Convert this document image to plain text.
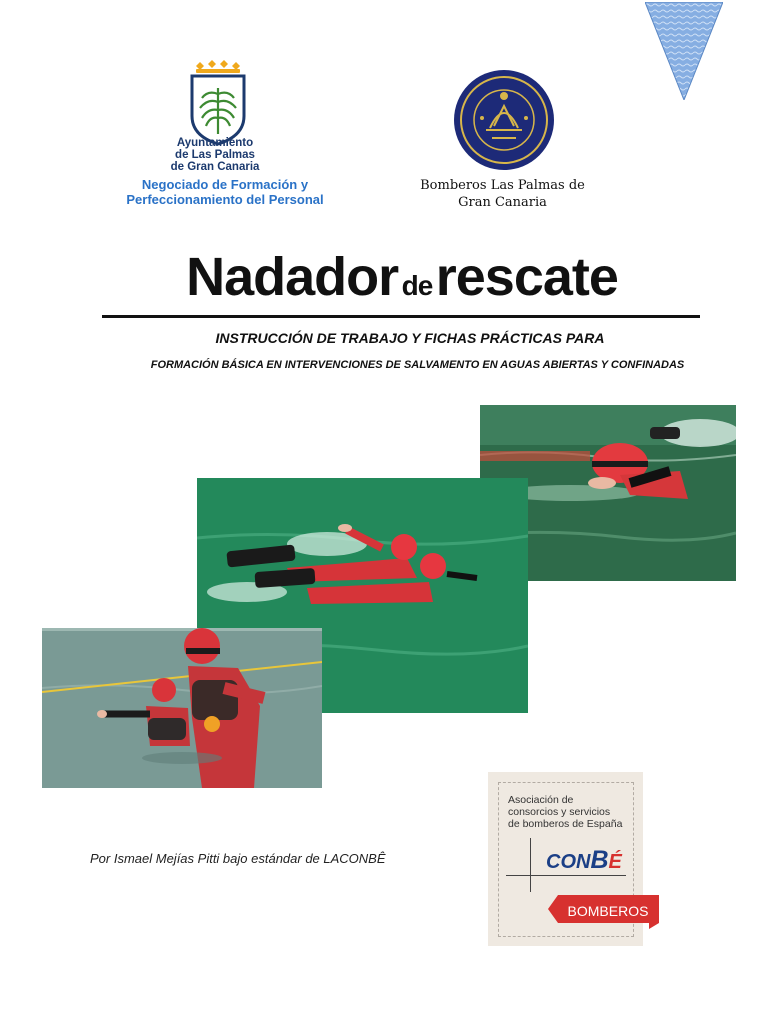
Ayuntamiento
de Las Palmas
de Gran Canaria
Negociado de Formación y
Perfeccionamiento del Personal
Bomberos Las Palmas de
Gran Canaria
Nadador de rescate
INSTRUCCIÓN DE TRABAJO Y FICHAS PRÁCTICAS PARA
FORMACIÓN BÁSICA EN INTERVENCIONES DE SALVAMENTO EN AGUAS ABIERTAS Y CONFINADAS
Por Ismael Mejías Pitti bajo estándar de LACONBÊ
Asociación de
consorcios y servicios
de bomberos de España
CONBÉ
BOMBEROS
